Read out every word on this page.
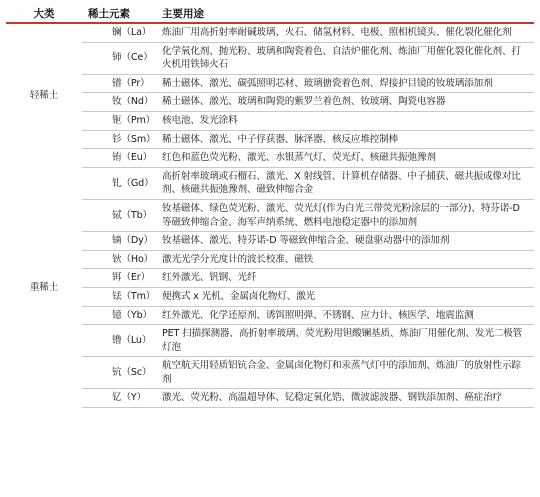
大类	稀土元素	主要用途
轻稀土	镧（La）	炼油厂用高折射率耐碱玻璃、火石、储氢材料、电极、照相机镜头、催化裂化催化剂
	铈（Ce）	化学氧化剂、抛光粉、玻璃和陶瓷着色、自洁炉催化剂、炼油厂用催化裂化催化剂、打火机用铁铈火石
	镨（Pr）	稀土磁体、激光、碳弧照明芯材、玻璃搪瓷着色剂、焊接护目镜的钕玻璃添加剂
	钕（Nd）	稀土磁体、激光、玻璃和陶瓷的紫罗兰着色剂、钕玻璃、陶瓷电容器
	钷（Pm）	核电池、发光涂料
	钐（Sm）	稀土磁体、激光、中子俘获器、脉泽器、核反应堆控制棒
	铕（Eu）	红色和蓝色荧光粉、激光、水银蒸气灯、荧光灯、核磁共振弛豫剂
重稀土	钆（Gd）	高折射率玻璃或石榴石、激光、X 射线管、计算机存储器、中子捕获、磁共振成像对比剂、核磁共振弛豫剂、磁致伸缩合金
	铽（Tb）	钕基磁体、绿色荧光粉、激光、荧光灯(作为白光三带荧光粉涂层的一部分)、特芬诺-D 等磁致伸缩合金、海军声纳系统、燃料电池稳定器中的添加剂
	镝（Dy）	钕基磁体、激光、特芬诺-D 等磁致伸缩合金、硬盘驱动器中的添加剂
	钬（Ho）	激光光学分光度计的波长校准、磁铁
	铒（Er）	红外激光、钒钢、光纤
	铥（Tm）	便携式 x 光机、金属卤化物灯、激光
	镱（Yb）	红外激光、化学还原剂、诱饵照明弹、不锈钢、应力计、核医学、地震监测
	镥（Lu）	PET 扫描探测器、高折射率玻璃、荧光粉用钽酸镧基质、炼油厂用催化剂、发光二极管灯泡
	钪（Sc）	航空航天用轻质铝钪合金、金属卤化物灯和汞蒸气灯中的添加剂、炼油厂的放射性示踪剂
	钇（Y）	激光、荧光粉、高温超导体、钇稳定氧化锆、微波滤波器、钢铁添加剂、癌症治疗
